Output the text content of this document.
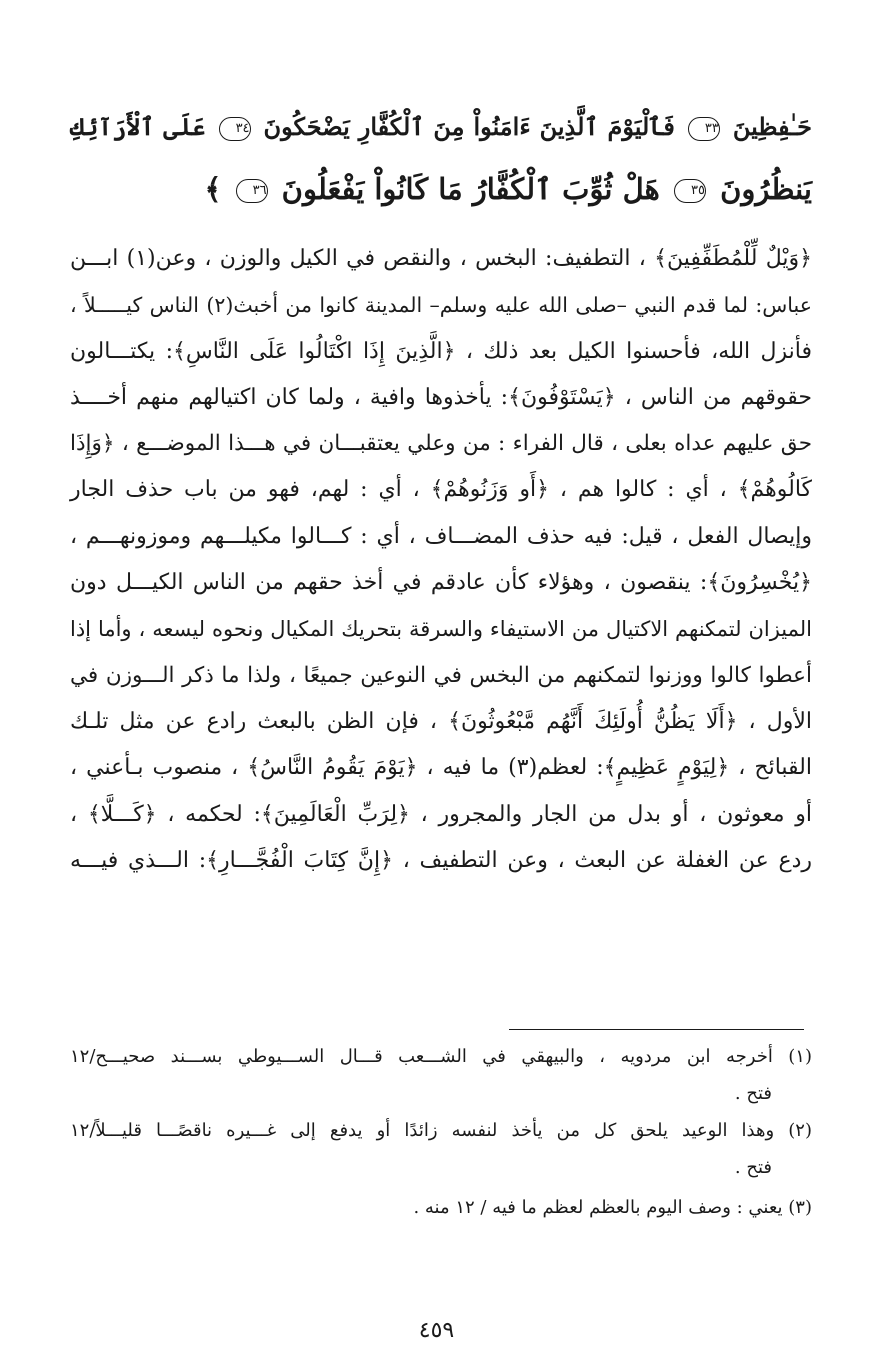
حَـٰفِظِينَ ٣٣ فَٱلْيَوْمَ ٱلَّذِينَ ءَامَنُواْ مِنَ ٱلْكُفَّارِ يَضْحَكُونَ ٣٤ عَلَى ٱلْأَرَآئِكِ
يَنظُرُونَ ٣٥ هَلْ ثُوِّبَ ٱلْكُفَّارُ مَا كَانُواْ يَفْعَلُونَ ٣٦ ﴾
﴿وَيْلٌ لِّلْمُطَفِّفِينَ﴾ ، التطفيف: البخس ، والنقص في الكيل والوزن ، وعن(١) ابـــن
عباس: لما قدم النبي –صلى الله عليه وسلم– المدينة كانوا من أخبث(٢) الناس كيـــــلاً ،
فأنزل الله، فأحسنوا الكيل بعد ذلك ، ﴿الَّذِينَ إِذَا اكْتَالُوا عَلَى النَّاسِ﴾: يكتـــالون
حقوقهم من الناس ، ﴿يَسْتَوْفُونَ﴾: يأخذوها وافية ، ولما كان اكتيالهم منهم أخــــذ
حق عليهم عداه بعلى ، قال الفراء : من وعلي يعتقبـــان في هـــذا الموضـــع ، ﴿وَإِذَا
كَالُوهُمْ﴾ ، أي : كالوا هم ، ﴿أَو وَزَنُوهُمْ﴾ ، أي : لهم، فهو من باب حذف الجار
وإيصال الفعل ، قيل: فيه حذف المضـــاف ، أي : كـــالوا مكيلـــهم وموزونهـــم ،
﴿يُخْسِرُونَ﴾: ينقصون ، وهؤلاء كأن عادقم في أخذ حقهم من الناس الكيـــل دون
الميزان لتمكنهم الاكتيال من الاستيفاء والسرقة بتحريك المكيال ونحوه ليسعه ، وأما إذا
أعطوا كالوا ووزنوا لتمكنهم من البخس في النوعين جميعًا ، ولذا ما ذكر الـــوزن في
الأول ، ﴿أَلَا يَظُنُّ أُولَئِكَ أَنَّهُم مَّبْعُوثُونَ﴾ ، فإن الظن بالبعث رادع عن مثل تلـك
القبائح ، ﴿لِيَوْمٍ عَظِيمٍ﴾: لعظم(٣) ما فيه ، ﴿يَوْمَ يَقُومُ النَّاسُ﴾ ، منصوب بـأعني ،
أو معوثون ، أو بدل من الجار والمجرور ، ﴿لِرَبِّ الْعَالَمِينَ﴾: لحكمه ، ﴿كَـــلَّا﴾ ،
ردع عن الغفلة عن البعث ، وعن التطفيف ، ﴿إِنَّ كِتَابَ الْفُجَّـــارِ﴾: الـــذي فيـــه
(١) أخرجه ابن مردويه ، والبيهقي في الشـــعب قـــال الســـيوطي بســـند صحيـــح/١٢
فتح .
(٢) وهذا الوعيد يلحق كل من يأخذ لنفسه زائدًا أو يدفع إلى غـــيره ناقصًـــا قليـــلاً/١٢
فتح .
(٣) يعني : وصف اليوم بالعظم لعظم ما فيه / ١٢ منه .
٤٥٩
